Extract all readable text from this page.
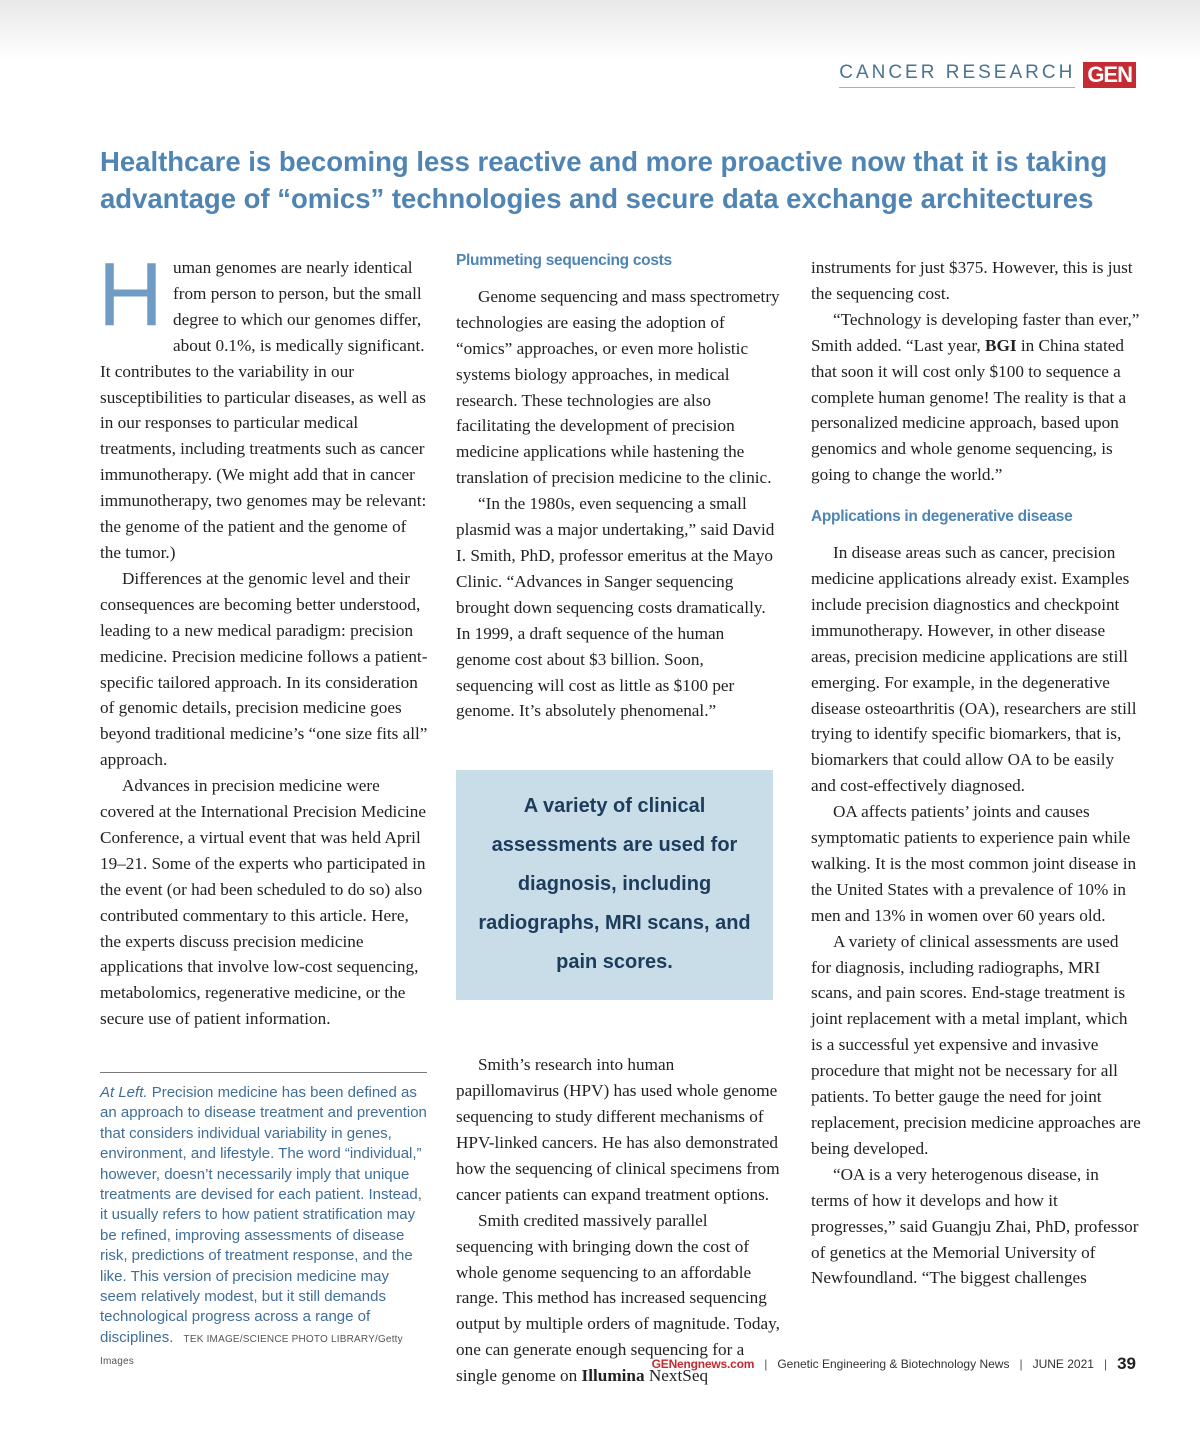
CANCER RESEARCH GEN
Healthcare is becoming less reactive and more proactive now that it is taking advantage of “omics” technologies and secure data exchange architectures

Human genomes are nearly identical from person to person, but the small degree to which our genomes differ, about 0.1%, is medically significant. It contributes to the variability in our susceptibilities to particular diseases, as well as in our responses to particular medical treatments, including treatments such as cancer immunotherapy. (We might add that in cancer immunotherapy, two genomes may be relevant: the genome of the patient and the genome of the tumor.)

Differences at the genomic level and their consequences are becoming better understood, leading to a new medical paradigm: precision medicine. Precision medicine follows a patient-specific tailored approach. In its consideration of genomic details, precision medicine goes beyond traditional medicine’s “one size fits all” approach.

Advances in precision medicine were covered at the International Precision Medicine Conference, a virtual event that was held April 19–21. Some of the experts who participated in the event (or had been scheduled to do so) also contributed commentary to this article. Here, the experts discuss precision medicine applications that involve low-cost sequencing, metabolomics, regenerative medicine, or the secure use of patient information.

At Left. Precision medicine has been defined as an approach to disease treatment and prevention that considers individual variability in genes, environment, and lifestyle. The word “individual,” however, doesn’t necessarily imply that unique treatments are devised for each patient. Instead, it usually refers to how patient stratification may be refined, improving assessments of disease risk, predictions of treatment response, and the like. This version of precision medicine may seem relatively modest, but it still demands technological progress across a range of disciplines. TEK IMAGE/SCIENCE PHOTO LIBRARY/Getty Images

Plummeting sequencing costs

Genome sequencing and mass spectrometry technologies are easing the adoption of “omics” approaches, or even more holistic systems biology approaches, in medical research. These technologies are also facilitating the development of precision medicine applications while hastening the translation of precision medicine to the clinic.

“In the 1980s, even sequencing a small plasmid was a major undertaking,” said David I. Smith, PhD, professor emeritus at the Mayo Clinic. “Advances in Sanger sequencing brought down sequencing costs dramatically. In 1999, a draft sequence of the human genome cost about $3 billion. Soon, sequencing will cost as little as $100 per genome. It’s absolutely phenomenal.”

A variety of clinical assessments are used for diagnosis, including radiographs, MRI scans, and pain scores.

Smith’s research into human papillomavirus (HPV) has used whole genome sequencing to study different mechanisms of HPV-linked cancers. He has also demonstrated how the sequencing of clinical specimens from cancer patients can expand treatment options.

Smith credited massively parallel sequencing with bringing down the cost of whole genome sequencing to an affordable range. This method has increased sequencing output by multiple orders of magnitude. Today, one can generate enough sequencing for a single genome on Illumina NextSeq

instruments for just $375. However, this is just the sequencing cost.

“Technology is developing faster than ever,” Smith added. “Last year, BGI in China stated that soon it will cost only $100 to sequence a complete human genome! The reality is that a personalized medicine approach, based upon genomics and whole genome sequencing, is going to change the world.”

Applications in degenerative disease

In disease areas such as cancer, precision medicine applications already exist. Examples include precision diagnostics and checkpoint immunotherapy. However, in other disease areas, precision medicine applications are still emerging. For example, in the degenerative disease osteoarthritis (OA), researchers are still trying to identify specific biomarkers, that is, biomarkers that could allow OA to be easily and cost-effectively diagnosed.

OA affects patients’ joints and causes symptomatic patients to experience pain while walking. It is the most common joint disease in the United States with a prevalence of 10% in men and 13% in women over 60 years old.

A variety of clinical assessments are used for diagnosis, including radiographs, MRI scans, and pain scores. End-stage treatment is joint replacement with a metal implant, which is a successful yet expensive and invasive procedure that might not be necessary for all patients. To better gauge the need for joint replacement, precision medicine approaches are being developed.

“OA is a very heterogenous disease, in terms of how it develops and how it progresses,” said Guangju Zhai, PhD, professor of genetics at the Memorial University of Newfoundland. “The biggest challenges

GENengnews.com | Genetic Engineering & Biotechnology News | JUNE 2021 | 39
